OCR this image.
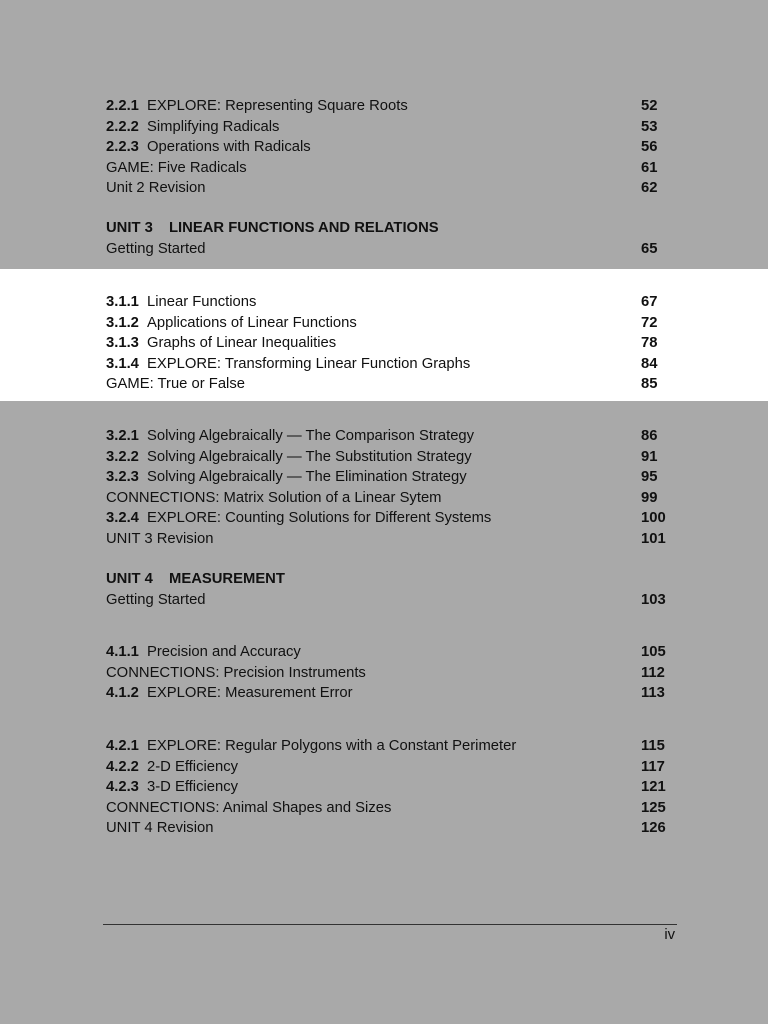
2.2.1 EXPLORE: Representing Square Roots	52
2.2.2 Simplifying Radicals	53
2.2.3 Operations with Radicals	56
GAME: Five Radicals	61
Unit 2 Revision	62
UNIT 3 LINEAR FUNCTIONS AND RELATIONS
Getting Started	65
3.1.1 Linear Functions	67
3.1.2 Applications of Linear Functions	72
3.1.3 Graphs of Linear Inequalities	78
3.1.4 EXPLORE: Transforming Linear Function Graphs	84
GAME: True or False	85
3.2.1 Solving Algebraically — The Comparison Strategy	86
3.2.2 Solving Algebraically — The Substitution Strategy	91
3.2.3 Solving Algebraically — The Elimination Strategy	95
CONNECTIONS: Matrix Solution of a Linear Sytem	99
3.2.4 EXPLORE: Counting Solutions for Different Systems	100
UNIT 3 Revision	101
UNIT 4 MEASUREMENT
Getting Started	103
4.1.1 Precision and Accuracy	105
CONNECTIONS: Precision Instruments	112
4.1.2 EXPLORE: Measurement Error	113
4.2.1 EXPLORE: Regular Polygons with a Constant Perimeter	115
4.2.2 2-D Efficiency	117
4.2.3 3-D Efficiency	121
CONNECTIONS: Animal Shapes and Sizes	125
UNIT 4 Revision	126
iv
